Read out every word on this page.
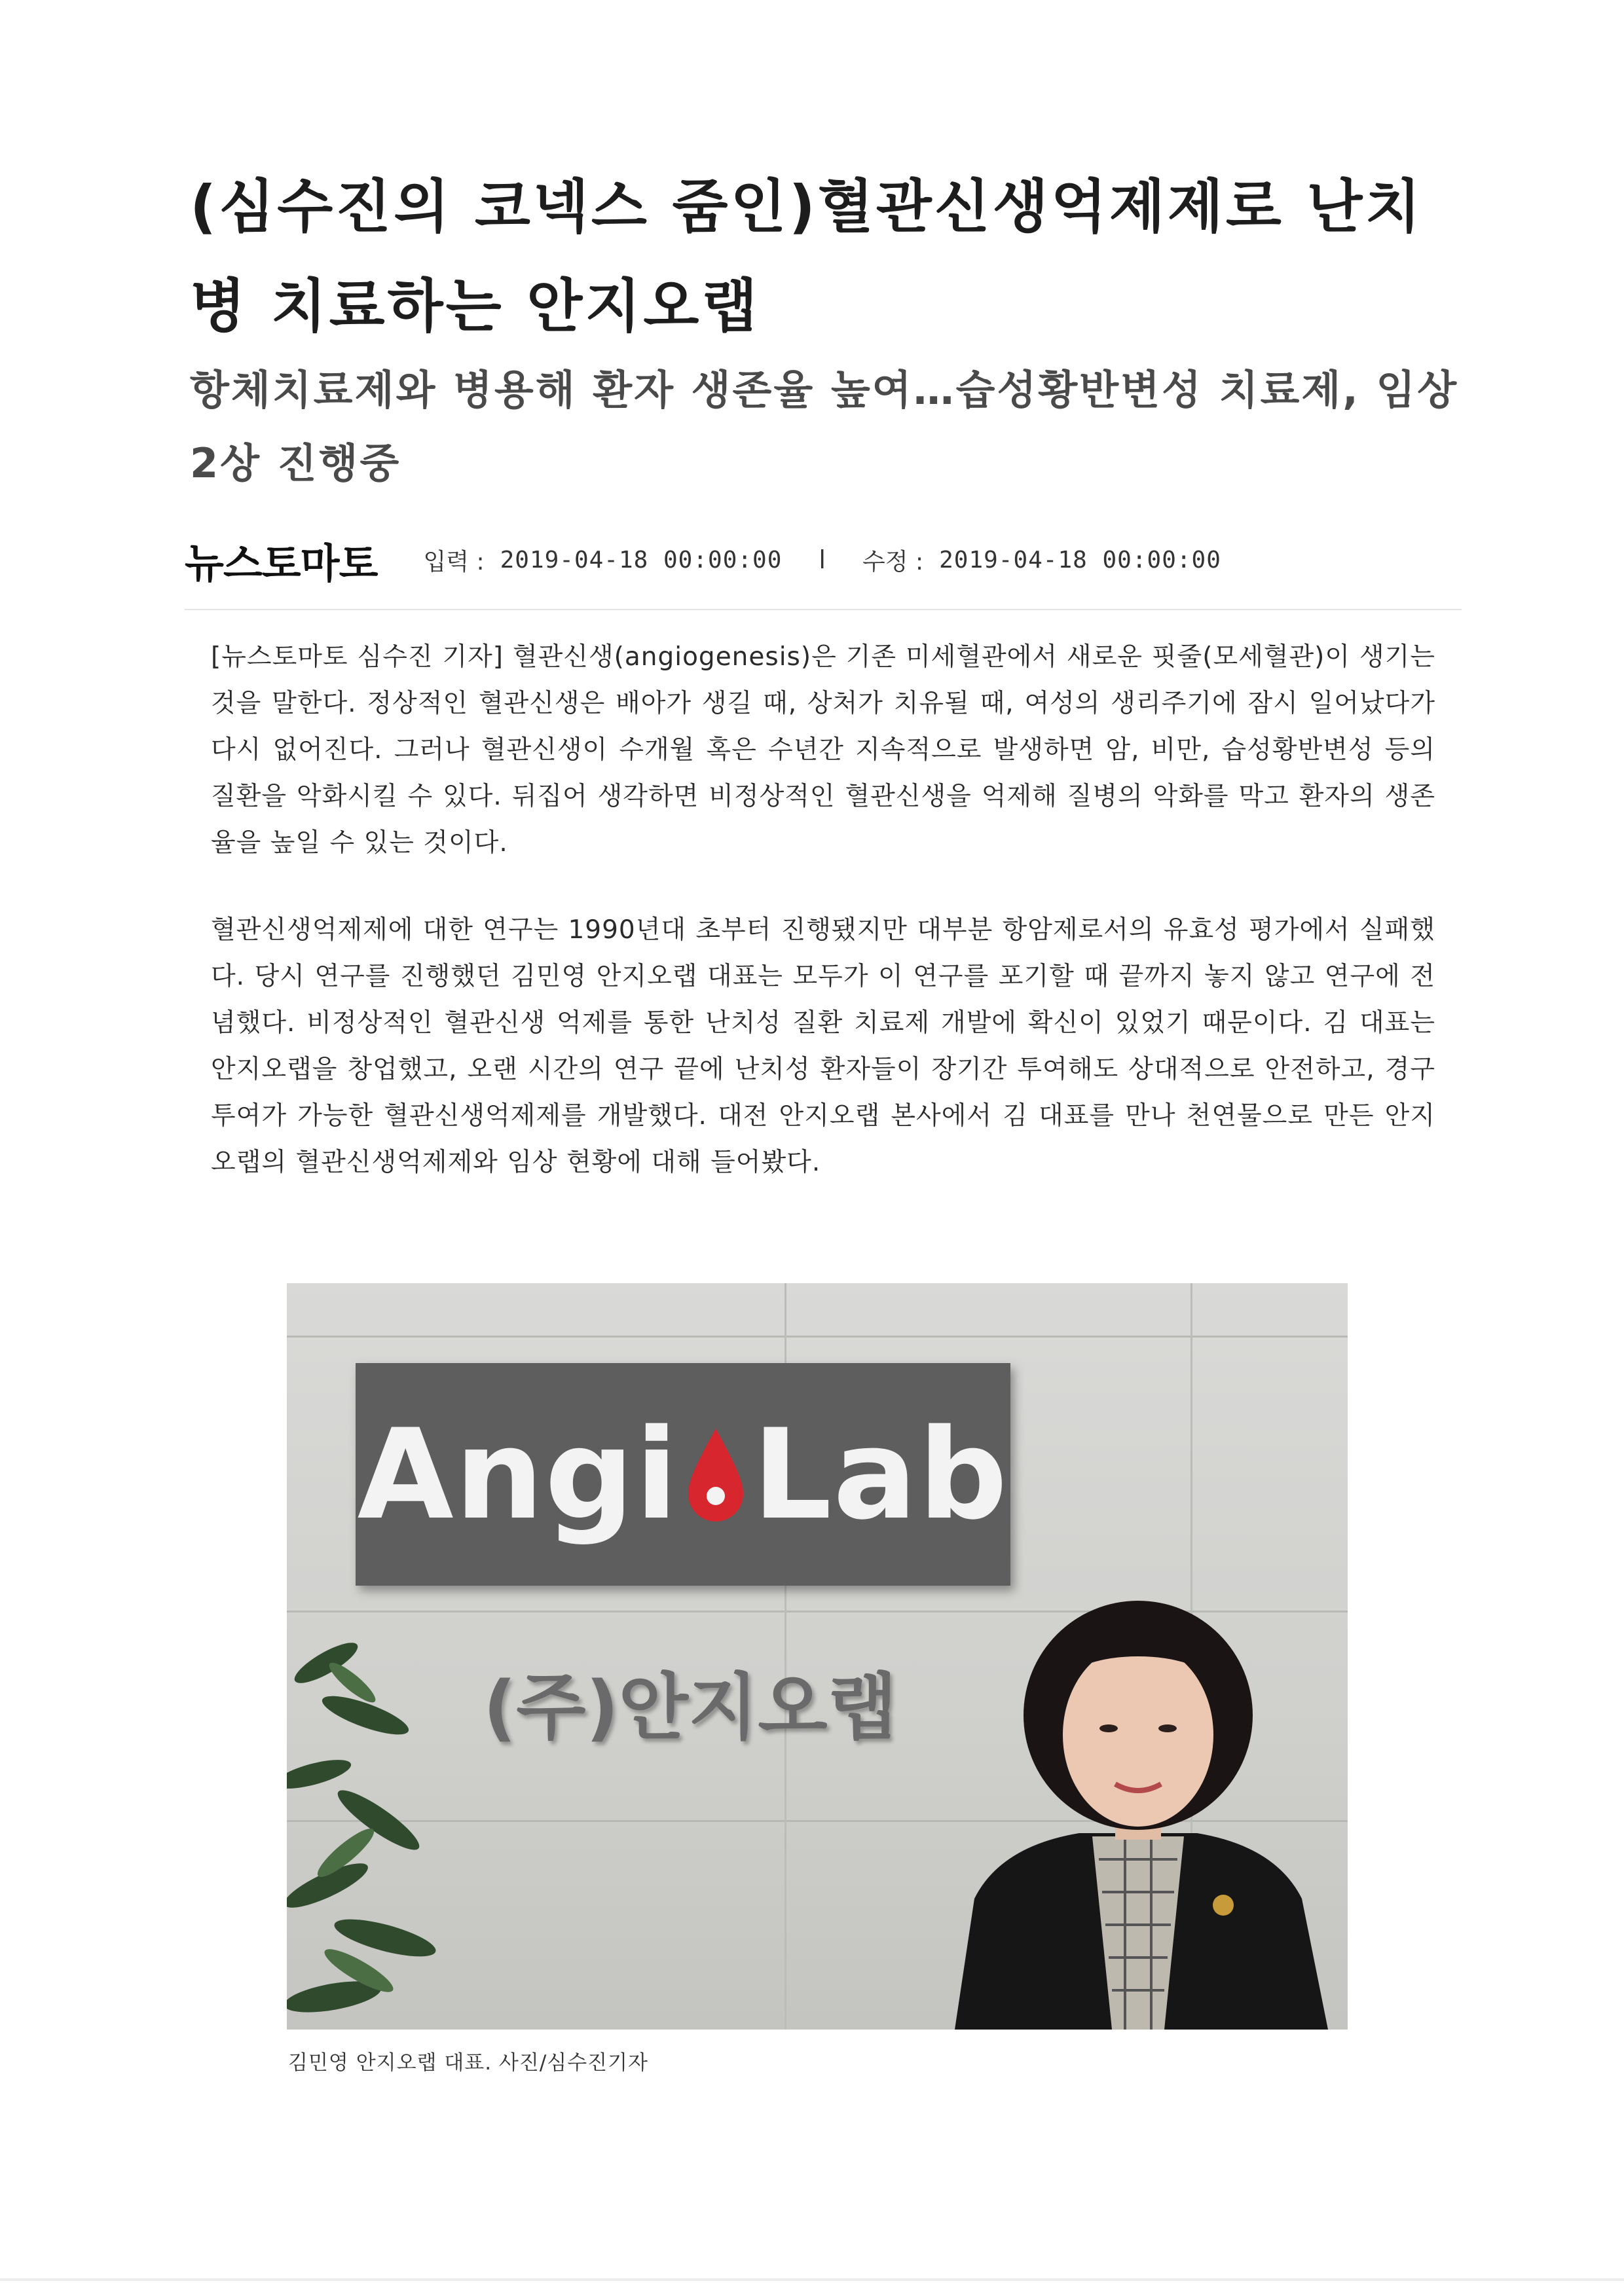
(심수진의 코넥스 줌인)혈관신생억제제로 난치병 치료하는 안지오랩
항체치료제와 병용해 환자 생존율 높여…습성황반변성 치료제, 임상 2상 진행중
뉴스토마토 입력 : 2019-04-18 00:00:00 l 수정 : 2019-04-18 00:00:00

[뉴스토마토 심수진 기자] 혈관신생(angiogenesis)은 기존 미세혈관에서 새로운 핏줄(모세혈관)이 생기는 것을 말한다. 정상적인 혈관신생은 배아가 생길 때, 상처가 치유될 때, 여성의 생리주기에 잠시 일어났다가 다시 없어진다. 그러나 혈관신생이 수개월 혹은 수년간 지속적으로 발생하면 암, 비만, 습성황반변성 등의 질환을 악화시킬 수 있다. 뒤집어 생각하면 비정상적인 혈관신생을 억제해 질병의 악화를 막고 환자의 생존율을 높일 수 있는 것이다.

혈관신생억제제에 대한 연구는 1990년대 초부터 진행됐지만 대부분 항암제로서의 유효성 평가에서 실패했다. 당시 연구를 진행했던 김민영 안지오랩 대표는 모두가 이 연구를 포기할 때 끝까지 놓지 않고 연구에 전념했다. 비정상적인 혈관신생 억제를 통한 난치성 질환 치료제 개발에 확신이 있었기 때문이다. 김 대표는 안지오랩을 창업했고, 오랜 시간의 연구 끝에 난치성 환자들이 장기간 투여해도 상대적으로 안전하고, 경구 투여가 가능한 혈관신생억제제를 개발했다. 대전 안지오랩 본사에서 김 대표를 만나 천연물으로 만든 안지오랩의 혈관신생억제제와 임상 현황에 대해 들어봤다.

Angi Lab
(주)안지오랩
김민영 안지오랩 대표. 사진/심수진기자
